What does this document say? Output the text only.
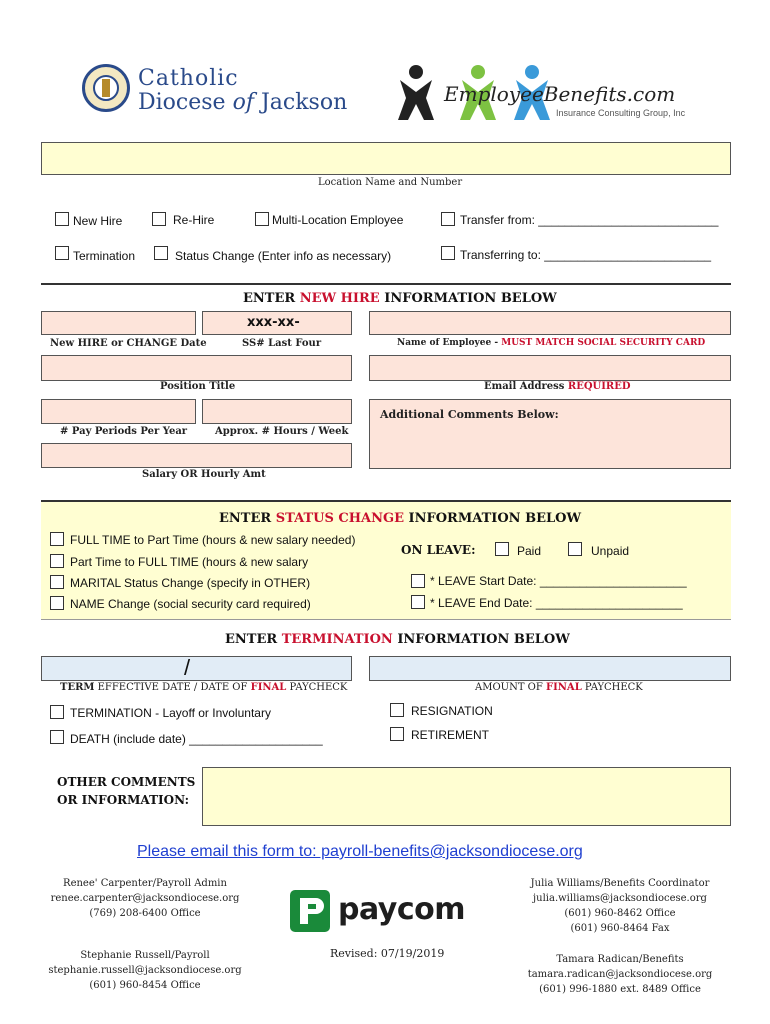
Catholic
Diocese of Jackson	EmployeeBenefits.com
Insurance Consulting Group, Inc
Location Name and Number
New Hire	Re-Hire	Multi-Location Employee	Transfer from: ___________________________
Termination	Status Change (Enter info as necessary)	Transferring to: _________________________
ENTER NEW HIRE INFORMATION BELOW
xxx-xx-
New HIRE or CHANGE Date	SS# Last Four	Name of Employee - MUST MATCH SOCIAL SECURITY CARD
Position Title	Email Address REQUIRED
Additional Comments Below:
# Pay Periods Per Year	Approx. # Hours / Week
Salary OR Hourly Amt
ENTER STATUS CHANGE INFORMATION BELOW
FULL TIME to Part Time (hours & new salary needed)
Part Time to FULL TIME (hours & new salary
MARITAL Status Change (specify in OTHER)
NAME Change (social security card required)
ON LEAVE:	Paid	Unpaid
* LEAVE Start Date: ______________________
* LEAVE End Date: ______________________
ENTER TERMINATION INFORMATION BELOW
/
TERM EFFECTIVE DATE / DATE OF FINAL PAYCHECK	AMOUNT OF FINAL PAYCHECK
TERMINATION - Layoff or Involuntary
DEATH (include date) ____________________
RESIGNATION
RETIREMENT
OTHER COMMENTS
OR INFORMATION:
Please email this form to: payroll-benefits@jacksondiocese.org
Renee' Carpenter/Payroll Admin
renee.carpenter@jacksondiocese.org
(769) 208-6400 Office
Stephanie Russell/Payroll
stephanie.russell@jacksondiocese.org
(601) 960-8454 Office
paycom
Revised: 07/19/2019
Julia Williams/Benefits Coordinator
julia.williams@jacksondiocese.org
(601) 960-8462 Office
(601) 960-8464 Fax
Tamara Radican/Benefits
tamara.radican@jacksondiocese.org
(601) 996-1880 ext. 8489 Office
